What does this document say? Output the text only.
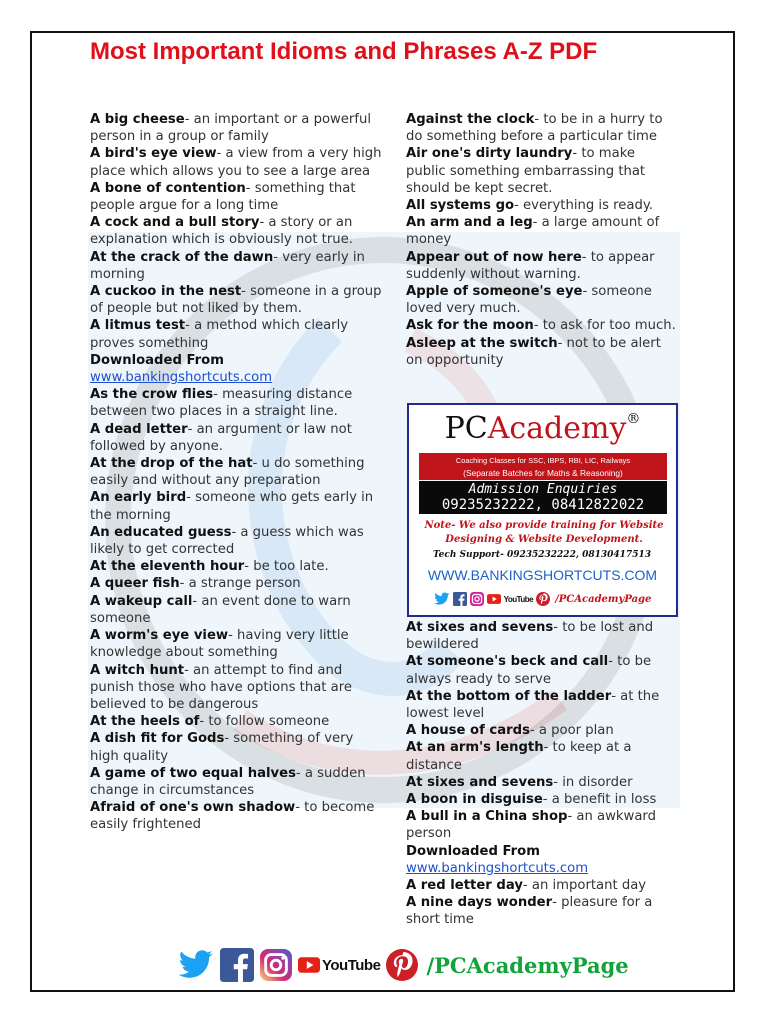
Most Important Idioms and Phrases A-Z PDF
A big cheese- an important or a powerful person in a group or family
A bird's eye view- a view from a very high place which allows you to see a large area
A bone of contention- something that people argue for a long time
A cock and a bull story- a story or an explanation which is obviously not true.
At the crack of the dawn- very early in morning
A cuckoo in the nest- someone in a group of people but not liked by them.
A litmus test- a method which clearly proves something
Downloaded From
www.bankingshortcuts.com
As the crow flies- measuring distance between two places in a straight line.
A dead letter- an argument or law not followed by anyone.
At the drop of the hat- u do something easily and without any preparation
An early bird- someone who gets early in the morning
An educated guess- a guess which was likely to get corrected
At the eleventh hour- be too late.
A queer fish- a strange person
A wakeup call- an event done to warn someone
A worm's eye view- having very little knowledge about something
A witch hunt- an attempt to find and punish those who have options that are believed to be dangerous
At the heels of- to follow someone
A dish fit for Gods- something of very high quality
A game of two equal halves- a sudden change in circumstances
Afraid of one's own shadow- to become easily frightened
Against the clock- to be in a hurry to do something before a particular time
Air one's dirty laundry- to make public something embarrassing that should be kept secret.
All systems go- everything is ready.
An arm and a leg- a large amount of money
Appear out of now here- to appear suddenly without warning.
Apple of someone's eye- someone loved very much.
Ask for the moon- to ask for too much.
Asleep at the switch- not to be alert on opportunity
PCAcademy®
Coaching Classes for SSC, IBPS, RBI, LIC, Railways
(Separate Batches for Maths & Reasoning)
Admission Enquiries
09235232222, 08412822022
Note- We also provide training for Website Designing & Website Development.
Tech Support- 09235232222, 08130417513
WWW.BANKINGSHORTCUTS.COM
YouTube /PCAcademyPage
At sixes and sevens- to be lost and bewildered
At someone's beck and call- to be always ready to serve
At the bottom of the ladder- at the lowest level
A house of cards- a poor plan
At an arm's length- to keep at a distance
At sixes and sevens- in disorder
A boon in disguise- a benefit in loss
A bull in a China shop- an awkward person
Downloaded From
www.bankingshortcuts.com
A red letter day- an important day
A nine days wonder- pleasure for a short time
YouTube /PCAcademyPage
